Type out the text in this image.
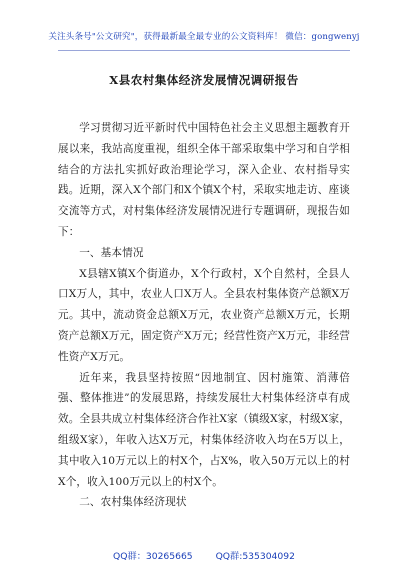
关注头条号"公文研究"，获得最新最全最专业的公文资料库！ 微信：gongwenyj
X县农村集体经济发展情况调研报告

学习贯彻习近平新时代中国特色社会主义思想主题教育开展以来，我站高度重视，组织全体干部采取集中学习和自学相结合的方法扎实抓好政治理论学习，深入企业、农村指导实践。近期，深入X个部门和X个镇X个村，采取实地走访、座谈交流等方式，对村集体经济发展情况进行专题调研，现报告如下：

一、基本情况

X县辖X镇X个街道办，X个行政村，X个自然村，全县人口X万人，其中，农业人口X万人。全县农村集体资产总额X万元。其中，流动资金总额X万元，农业资产总额X万元，长期资产总额X万元，固定资产X万元；经营性资产X万元，非经营性资产X万元。

近年来，我县坚持按照“因地制宜、因村施策、消薄倍强、整体推进”的发展思路，持续发展壮大村集体经济卓有成效。全县共成立村集体经济合作社X家（镇级X家，村级X家，组级X家），年收入达X万元，村集体经济收入均在5万以上，其中收入10万元以上的村X个，占X%，收入50万元以上的村X个，收入100万元以上的村X个。

二、农村集体经济现状

QQ群：30265665 QQ群:535304092
